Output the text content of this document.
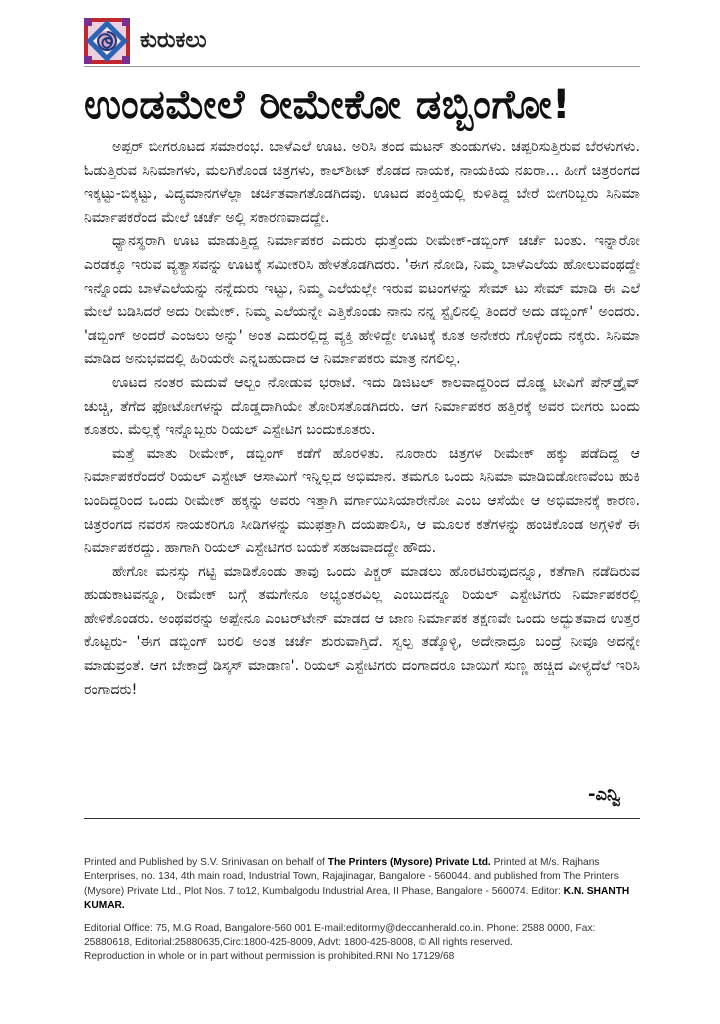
ಕುರುಕಲು
ಉಂಡಮೇಲೆ ರೀಮೇಕೋ ಡಬ್ಬಿಂಗೋ!

ಅಪ್ಪರ್ ಬೀಗರೂಟದ ಸಮಾರಂಭ. ಬಾಳೆಎಲೆ ಊಟ. ಅರಿಸಿ ತಂದ ಮಟನ್ ತುಂಡುಗಳು. ಚಪ್ಪರಿಸುತ್ತಿರುವ ಬೆರಳುಗಳು. ಓಡುತ್ತಿರುವ ಸಿನಿಮಾಗಳು, ಮಲಗಿಕೊಂಡ ಚಿತ್ರಗಳು, ಕಾಲ್‌ಶೀಟ್ ಕೊಡದ ನಾಯಕ, ನಾಯಕಿಯ ನಖರಾ... ಹೀಗೆ ಚಿತ್ರರಂಗದ ಇಕ್ಕಟ್ಟು-ಬಿಕ್ಕಟ್ಟು, ವಿದ್ಯಮಾನಗಳೆಲ್ಲಾ ಚರ್ಚಿತವಾಗತೊಡಗಿದವು. ಊಟದ ಪಂಕ್ತಿಯಲ್ಲಿ ಕುಳಿತಿದ್ದ ಬೇರೆ ಬೀಗರಿಬ್ಬರು ಸಿನಿಮಾ ನಿರ್ಮಾಪಕರೆಂದ ಮೇಲೆ ಚರ್ಚೆ ಅಲ್ಲಿ ಸಕಾರಣವಾದದ್ದೇ.

ಧ್ಯಾನಸ್ಥರಾಗಿ ಊಟ ಮಾಡುತ್ತಿದ್ದ ನಿರ್ಮಾಪಕರ ಎದುರು ಧುತ್ತೆಂದು ರೀಮೇಕ್-ಡಬ್ಬಿಂಗ್ ಚರ್ಚೆ ಬಂತು. ಇನ್ನಾರೋ ಎರಡಕ್ಕೂ ಇರುವ ವ್ಯತ್ಯಾಸವನ್ನು ಊಟಕ್ಕೆ ಸಮೀಕರಿಸಿ ಹೇಳತೊಡಗಿದರು. 'ಈಗ ನೋಡಿ, ನಿಮ್ಮ ಬಾಳೆಎಲೆಯ ಹೋಲುವಂಥದ್ದೇ ಇನ್ನೊಂದು ಬಾಳೆಎಲೆಯನ್ನು ನನ್ನೆದುರು ಇಟ್ಟು, ನಿಮ್ಮ ಎಲೆಯಲ್ಲೇ ಇರುವ ಐಟಂಗಳನ್ನು ಸೇಮ್ ಟು ಸೇಮ್ ಮಾಡಿ ಈ ಎಲೆ ಮೇಲೆ ಬಡಿಸಿದರೆ ಅದು ರೀಮೇಕ್. ನಿಮ್ಮ ಎಲೆಯನ್ನೇ ಎತ್ತಿಕೊಂಡು ನಾನು ನನ್ನ ಸ್ಟೈಲಿನಲ್ಲಿ ತಿಂದರೆ ಅದು ಡಬ್ಬಿಂಗ್' ಅಂದರು. 'ಡಬ್ಬಿಂಗ್ ಅಂದರೆ ಎಂಜಲು ಅನ್ನು' ಅಂತ ಎದುರಲ್ಲಿದ್ದ ವ್ಯಕ್ತಿ ಹೇಳಿದ್ದೇ ಊಟಕ್ಕೆ ಕೂತ ಅನೇಕರು ಗೊಳ್ಳೆಂದು ನಕ್ಕರು. ಸಿನಿಮಾ ಮಾಡಿದ ಅನುಭವದಲ್ಲಿ ಹಿರಿಯರೇ ಎನ್ನಬಹುದಾದ ಆ ನಿರ್ಮಾಪಕರು ಮಾತ್ರ ನಗಲಿಲ್ಲ.

ಊಟದ ನಂತರ ಮದುವೆ ಆಲ್ಬಂ ನೋಡುವ ಭರಾಟೆ. ಇದು ಡಿಜಿಟಲ್ ಕಾಲವಾದ್ದರಿಂದ ದೊಡ್ಡ ಟೀವಿಗೆ ಪೆನ್‌ಡ್ರೈವ್ ಚುಚ್ಚಿ, ತೆಗೆದ ಫೋಟೋಗಳನ್ನು ದೊಡ್ಡದಾಗಿಯೇ ತೋರಿಸತೊಡಗಿದರು. ಆಗ ನಿರ್ಮಾಪಕರ ಹತ್ತಿರಕ್ಕೆ ಅವರ ಬೀಗರು ಬಂದು ಕೂತರು. ಮೆಲ್ಲಕ್ಕೆ ಇನ್ನೊಬ್ಬರು ರಿಯಲ್ ಎಸ್ಟೇಟಿಗ ಬಂದುಕೂತರು.

ಮತ್ತೆ ಮಾತು ರೀಮೇಕ್, ಡಬ್ಬಿಂಗ್ ಕಡೆಗೆ ಹೊರಳಿತು. ನೂರಾರು ಚಿತ್ರಗಳ ರೀಮೇಕ್ ಹಕ್ಕು ಪಡೆದಿದ್ದ ಆ ನಿರ್ಮಾಪಕರೆಂದರೆ ರಿಯಲ್ ಎಸ್ಟೇಟ್ ಆಸಾಮಿಗೆ ಇನ್ನಿಲ್ಲದ ಅಭಿಮಾನ. ತಮಗೂ ಒಂದು ಸಿನಿಮಾ ಮಾಡಿಬಿಡೋಣವೆಂಬ ಹುಕಿ ಬಂದಿದ್ದರಿಂದ ಒಂದು ರೀಮೇಕ್ ಹಕ್ಕನ್ನು ಅವರು ಇತ್ತಾಗಿ ವರ್ಗಾಯಿಸಿಯಾರೇನೋ ಎಂಬ ಆಸೆಯೇ ಆ ಅಭಿಮಾನಕ್ಕೆ ಕಾರಣ. ಚಿತ್ರರಂಗದ ನವರಸ ನಾಯಕರಿಗೂ ಸೀಡಿಗಳನ್ನು ಮುಫತ್ತಾಗಿ ದಯಪಾಲಿಸಿ, ಆ ಮೂಲಕ ಕತೆಗಳನ್ನು ಹಂಚಿಕೊಂಡ ಅಗ್ಗಳಿಕೆ ಈ ನಿರ್ಮಾಪಕರದ್ದು. ಹಾಗಾಗಿ ರಿಯಲ್ ಎಸ್ಟೇಟಿಗರ ಬಯಕೆ ಸಹಜವಾದದ್ದೇ ಹೌದು.

ಹೇಗೋ ಮನಸ್ಸು ಗಟ್ಟಿ ಮಾಡಿಕೊಂಡು ತಾವು ಒಂದು ಪಿಕ್ಚರ್ ಮಾಡಲು ಹೊರಟಿರುವುದನ್ನೂ, ಕತೆಗಾಗಿ ನಡೆದಿರುವ ಹುಡುಕಾಟವನ್ನೂ, ರೀಮೇಕ್ ಬಗ್ಗೆ ತಮಗೇನೂ ಅಭ್ಯಂತರವಿಲ್ಲ ಎಂಬುದನ್ನೂ ರಿಯಲ್ ಎಸ್ಟೇಟಿಗರು ನಿರ್ಮಾಪಕರಲ್ಲಿ ಹೇಳಿಕೊಂಡರು. ಅಂಥವರನ್ನು ಅಪ್ಪೇನೂ ಎಂಟರ್‌ಟೇನ್ ಮಾಡದ ಆ ಜಾಣ ನಿರ್ಮಾಪಕ ತಕ್ಷಣವೇ ಒಂದು ಅದ್ಭುತವಾದ ಉತ್ತರ ಕೊಟ್ಟರು- 'ಈಗ ಡಬ್ಬಿಂಗ್ ಬರಲಿ ಅಂತ ಚರ್ಚೆ ಶುರುವಾಗ್ತಿದೆ. ಸ್ವಲ್ಪ ತಡ್ಕೊಳ್ಳಿ, ಅದೇನಾದ್ರೂ ಬಂದ್ರೆ ನೀವೂ ಅದನ್ನೇ ಮಾಡುವ್ರಂತೆ. ಆಗ ಬೇಕಾದ್ರೆ ಡಿಸ್ಕಸ್ ಮಾಡಾಣ'. ರಿಯಲ್ ಎಸ್ಟೇಟಿಗರು ದಂಗಾದರೂ ಬಾಯಿಗೆ ಸುಣ್ಣ ಹಚ್ಚಿದ ವೀಳ್ಯದೆಲೆ ಇರಿಸಿ ರಂಗಾದರು!

-ಎನ್ವಿ

Printed and Published by S.V. Srinivasan on behalf of The Printers (Mysore) Private Ltd. Printed at M/s. Rajhans Enterprises, no. 134, 4th main road, Industrial Town, Rajajinagar, Bangalore - 560044. and published from The Printers (Mysore) Private Ltd., Plot Nos. 7 to12, Kumbalgodu Industrial Area, II Phase, Bangalore - 560074. Editor: K.N. SHANTH KUMAR.

Editorial Office: 75, M.G Road, Bangalore-560 001 E-mail:editormy@deccanherald.co.in. Phone: 2588 0000, Fax: 25880618, Editorial:25880635,Circ:1800-425-8009, Advt: 1800-425-8008, © All rights reserved.

Reproduction in whole or in part without permission is prohibited.RNI No 17129/68
